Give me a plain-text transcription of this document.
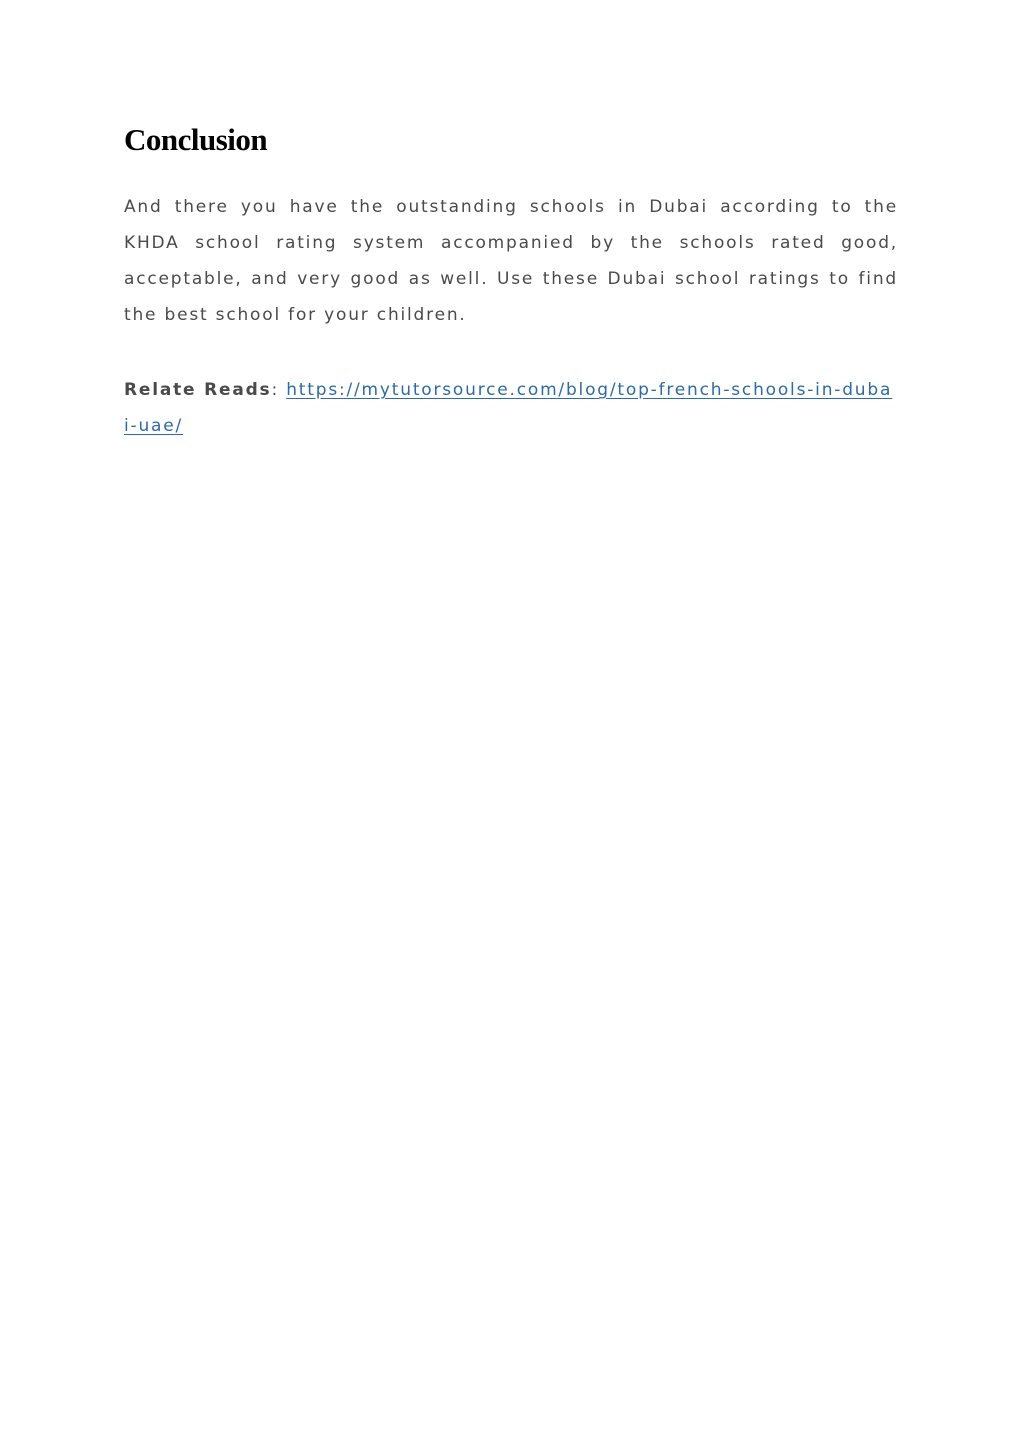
Conclusion

And there you have the outstanding schools in Dubai according to the KHDA school rating system accompanied by the schools rated good, acceptable, and very good as well. Use these Dubai school ratings to find the best school for your children.

Relate Reads: https://mytutorsource.com/blog/top-french-schools-in-dubai-uae/
